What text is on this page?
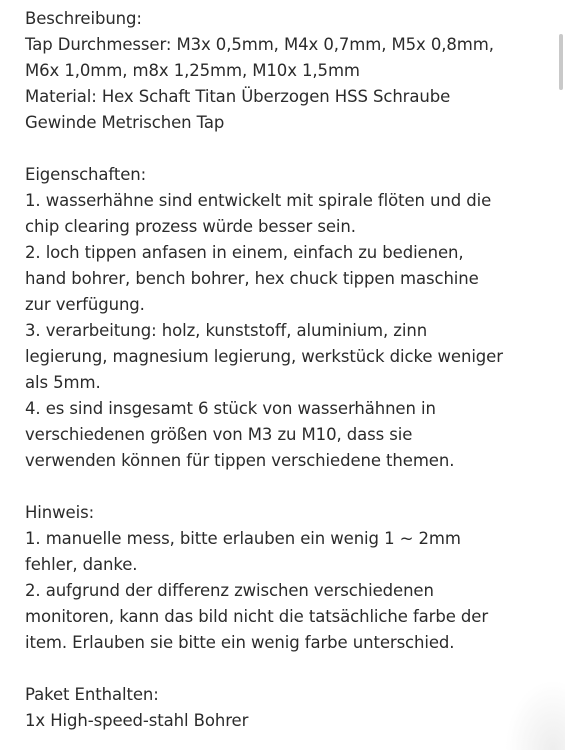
Beschreibung:
Tap Durchmesser: M3x 0,5mm, M4x 0,7mm, M5x 0,8mm,
M6x 1,0mm, m8x 1,25mm, M10x 1,5mm
Material: Hex Schaft Titan Überzogen HSS Schraube
Gewinde Metrischen Tap
Eigenschaften:
1. wasserhähne sind entwickelt mit spirale flöten und die
chip clearing prozess würde besser sein.
2. loch tippen anfasen in einem, einfach zu bedienen,
hand bohrer, bench bohrer, hex chuck tippen maschine
zur verfügung.
3. verarbeitung: holz, kunststoff, aluminium, zinn
legierung, magnesium legierung, werkstück dicke weniger
als 5mm.
4. es sind insgesamt 6 stück von wasserhähnen in
verschiedenen größen von M3 zu M10, dass sie
verwenden können für tippen verschiedene themen.
Hinweis:
1. manuelle mess, bitte erlauben ein wenig 1 ~ 2mm
fehler, danke.
2. aufgrund der differenz zwischen verschiedenen
monitoren, kann das bild nicht die tatsächliche farbe der
item. Erlauben sie bitte ein wenig farbe unterschied.
Paket Enthalten:
1x High-speed-stahl Bohrer
